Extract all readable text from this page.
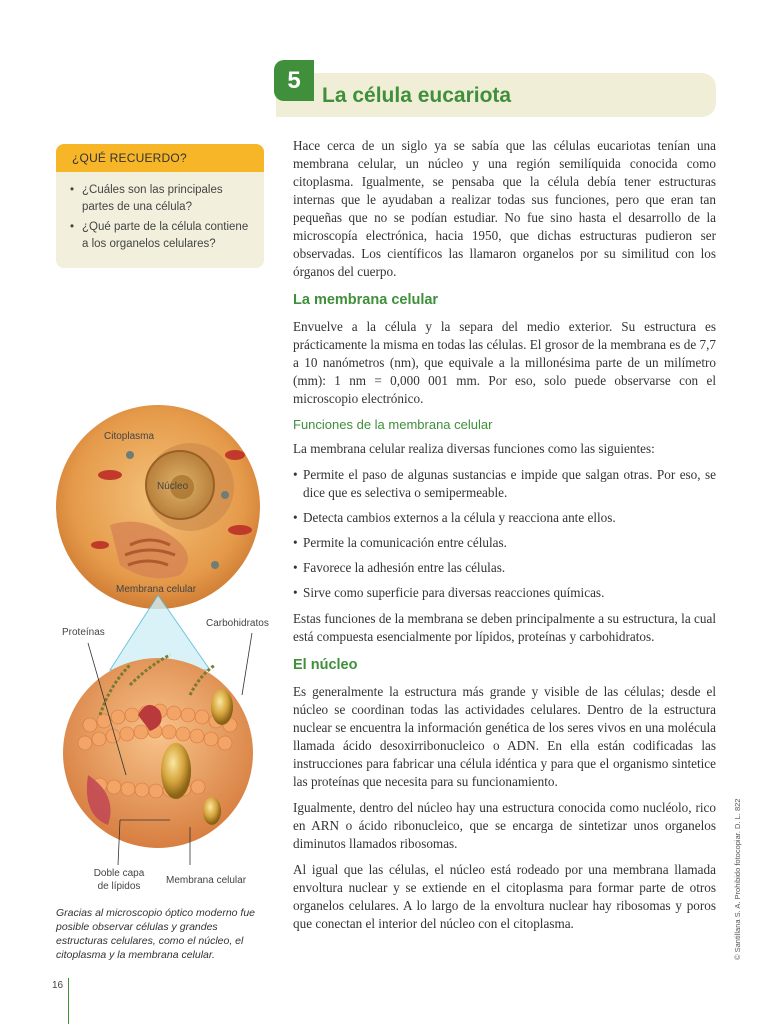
5
La célula eucariota
¿QUÉ RECUERDO?
• ¿Cuáles son las principales partes de una célula?
• ¿Qué parte de la célula contiene a los organelos celulares?

Hace cerca de un siglo ya se sabía que las células eucariotas tenían una membrana celular, un núcleo y una región semilíquida conocida como citoplasma. Igualmente, se pensaba que la célula debía tener estructuras internas que le ayudaban a realizar todas sus funciones, pero que eran tan pequeñas que no se podían estudiar. No fue sino hasta el desarrollo de la microscopía electrónica, hacia 1950, que dichas estructuras pudieron ser observadas. Los científicos las llamaron organelos por su similitud con los órganos del cuerpo.

La membrana celular

Envuelve a la célula y la separa del medio exterior. Su estructura es prácticamente la misma en todas las células. El grosor de la membrana es de 7,7 a 10 nanómetros (nm), que equivale a la millonésima parte de un milímetro (mm): 1 nm = 0,000 001 mm. Por eso, solo puede observarse con el microscopio electrónico.

Funciones de la membrana celular

La membrana celular realiza diversas funciones como las siguientes:

• Permite el paso de algunas sustancias e impide que salgan otras. Por eso, se dice que es selectiva o semipermeable.
• Detecta cambios externos a la célula y reacciona ante ellos.
• Permite la comunicación entre células.
• Favorece la adhesión entre las células.
• Sirve como superficie para diversas reacciones químicas.

Estas funciones de la membrana se deben principalmente a su estructura, la cual está compuesta esencialmente por lípidos, proteínas y carbohidratos.

El núcleo

Es generalmente la estructura más grande y visible de las células; desde el núcleo se coordinan todas las actividades celulares. Dentro de la estructura nuclear se encuentra la información genética de los seres vivos en una molécula llamada ácido desoxirribonucleico o ADN. En ella están codificadas las instrucciones para fabricar una célula idéntica y para que el organismo sintetice las proteínas que necesita para su funcionamiento.

Igualmente, dentro del núcleo hay una estructura conocida como nucléolo, rico en ARN o ácido ribonucleico, que se encarga de sintetizar unos organelos diminutos llamados ribosomas.

Al igual que las células, el núcleo está rodeado por una membrana llamada envoltura nuclear y se extiende en el citoplasma para formar parte de otros organelos celulares. A lo largo de la envoltura nuclear hay ribosomas y poros que conectan el interior del núcleo con el citoplasma.

Citoplasma
Núcleo
Membrana celular
Proteínas
Carbohidratos
Doble capa
de lípidos
Membrana celular
Gracias al microscopio óptico moderno fue posible observar células y grandes estructuras celulares, como el núcleo, el citoplasma y la membrana celular.
16
© Santillana S. A. Prohibido fotocopiar. D. L. 822
